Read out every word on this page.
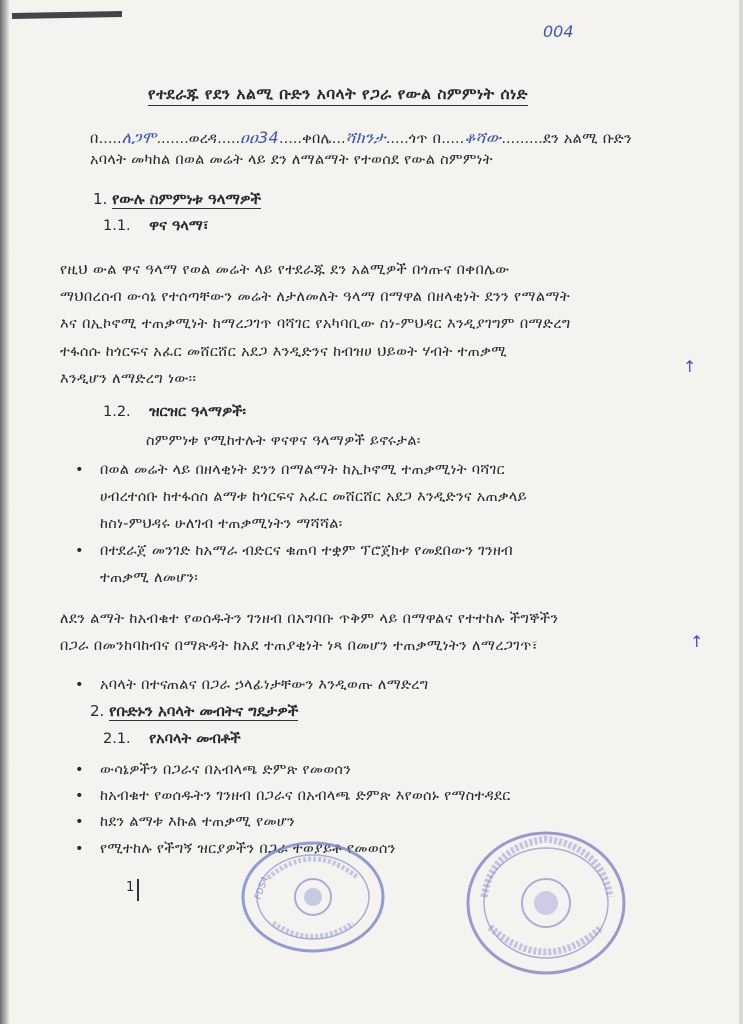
004
የተደራጁ የደን አልሚ ቡድን አባላት የጋራ የውል ስምምነት ሰነድ
በ.....ለጋሞ.......ወረዳ.....ዐዐ34.....ቀበሌ...ሻክንታ.....ጎጥ በ.....ቆሻው.........ደን አልሚ ቡድን
አባላት መካከል በወል መሬት ላይ ደን ለማልማት የተወሰደ የውል ስምምነት
1. የውሉ ስምምነቱ ዓላማዎች
1.1. ዋና ዓላማ፣
የዚህ ውል ዋና ዓላማ የወል መሬት ላይ የተደራጁ ደን አልሚዎች በጎጡና በቀበሌው
ማህበረሰብ ውሳኔ የተሰጣቸውን መሬት ለታለመለት ዓላማ በማዋል በዘላቂነት ደንን የማልማት
እና በኢኮኖሚ ተጠቃሚነት ከማረጋገጥ ባሻገር የአካባቢው ስነ-ምህዳር እንዲያገግም በማድረግ
ተፋሰሱ ከጎርፍና አፈር መሸርሸር አደጋ እንዲድንና ከብዝሀ ህይወት ሃብት ተጠቃሚ
እንዲሆን ለማድረግ ነው፡፡
↑
1.2. ዝርዝር ዓላማዎች፡
ስምምነቱ የሚከተሉት ዋናዋና ዓላማዎች ይኖሩታል፡
• በወል መሬት ላይ በዘላቂነት ደንን በማልማት ከኢኮኖሚ ተጠቃሚነት ባሻገር
ሀብረተሰቡ ከተፋሰስ ልማቱ ከጎርፍና አፈር መሸርሸር አደጋ እንዲድንና አጠቃላይ
ከስነ-ምህዳሩ ሁለገብ ተጠቃሚነትን ማሻሻል፡
• በተደራጀ መንገድ ከአማራ ብድርና ቁጠባ ተቋም ፕሮጀክቱ የመደበውን ገንዘብ
ተጠቃሚ ለመሆን፡
ለደን ልማት ከአብቁተ የወሰዱትን ገንዘብ በአግባቡ ጥቅም ላይ በማዋልና የተተከሉ ችግኞችን
በጋራ በመንከባከብና በማጽዳት ከአደ ተጠያቂነት ነጻ በመሆን ተጠቃሚነትን ለማረጋገጥ፣	↑
• አባላት በተናጠልና በጋራ ኃላፊነታቸውን እንዲወጡ ለማድረግ
2. የቡድኑን አባላት መብትና ግዴታዎች
2.1. የአባላት መብቶች
• ውሳኔዎችን በጋራና በአብላጫ ድምጽ የመወሰን
• ከአብቁተ የወሰዱትን ገንዘብ በጋራና በአብላጫ ድምጽ እየወሰኑ የማስተዳደር
• ከደን ልማቱ እኩል ተጠቃሚ የመሆን
• የሚተከሉ የችግኝ ዝርያዎችን በጋራ ተወያይቶ የመወሰን
1	FDS4
